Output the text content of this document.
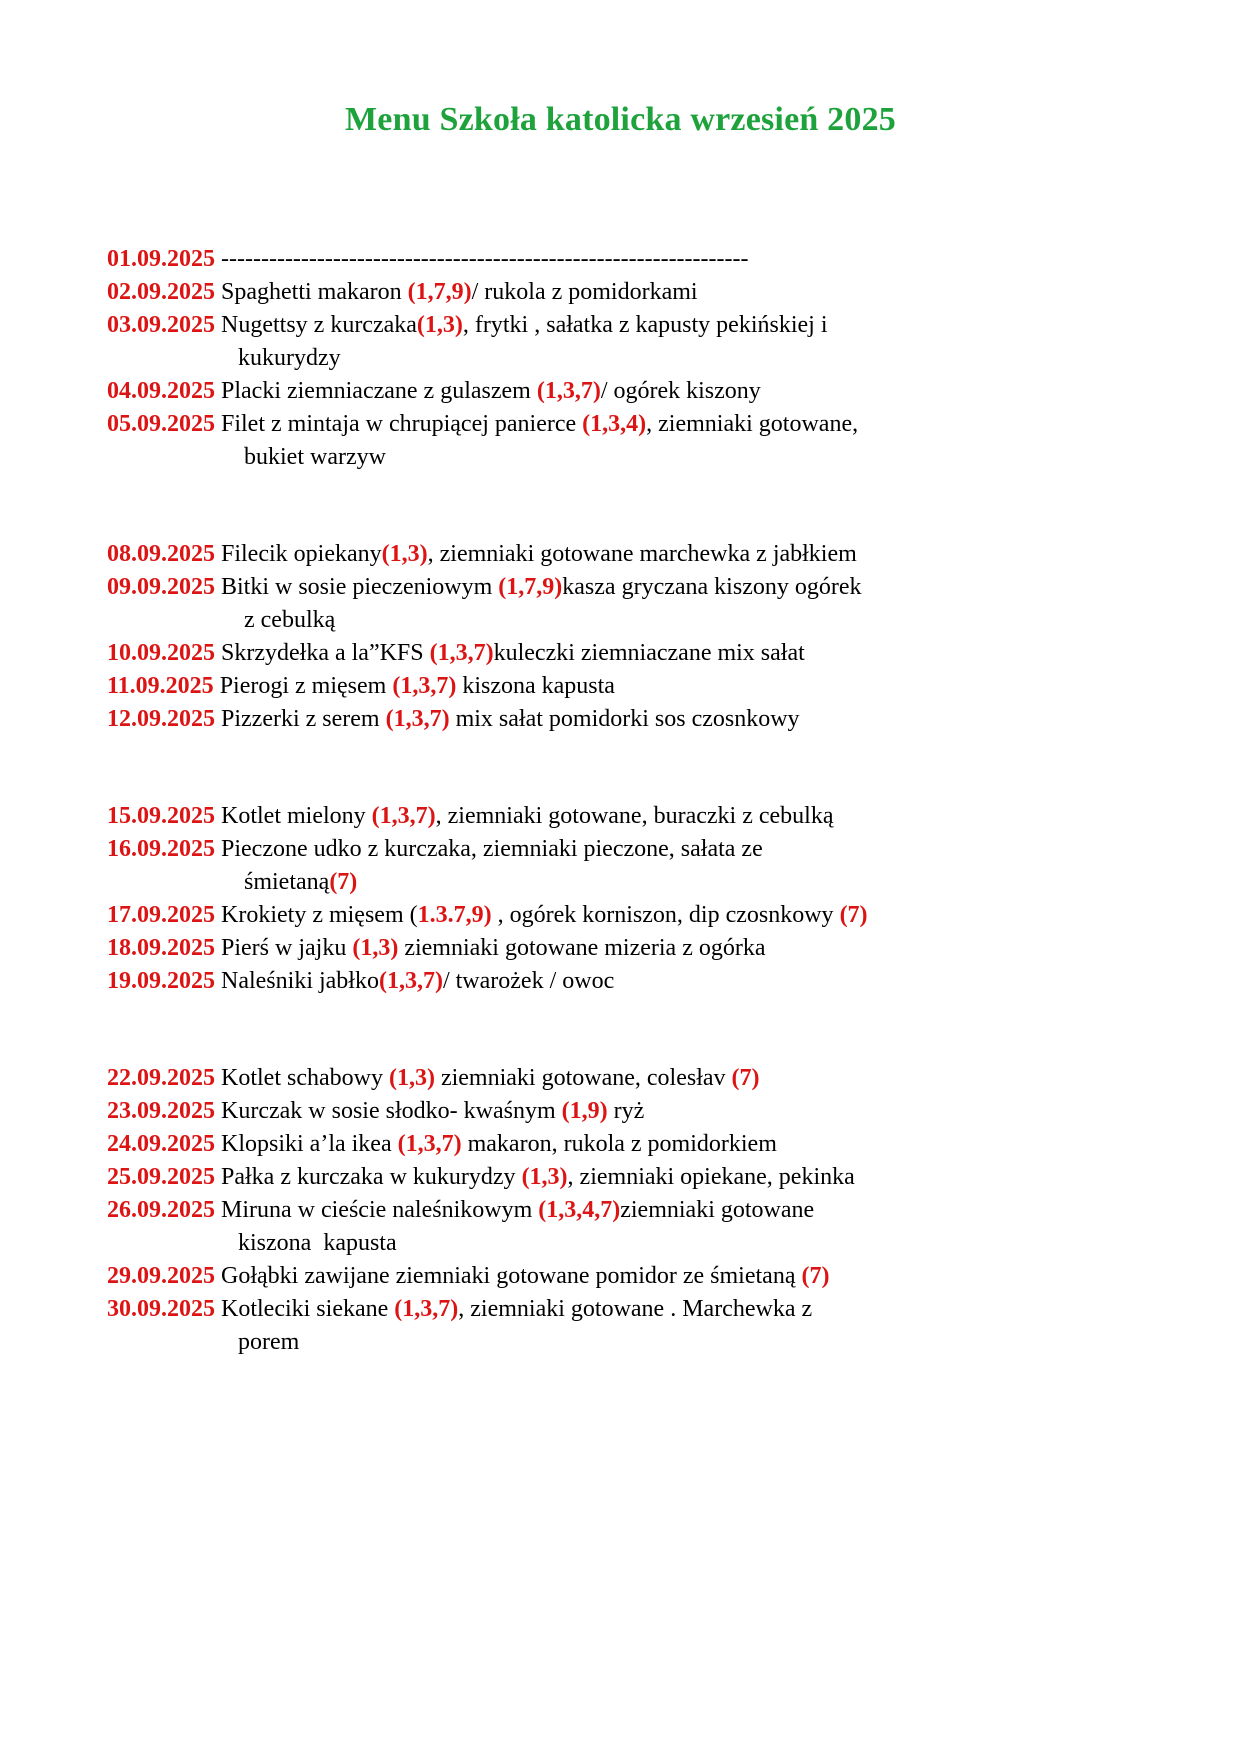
Menu Szkoła katolicka wrzesień 2025
01.09.2025 ------------------------------------------------------------------
02.09.2025 Spaghetti makaron (1,7,9)/ rukola z pomidorkami
03.09.2025 Nugettsy z kurczaka(1,3), frytki , sałatka z kapusty pekińskiej i
kukurydzy
04.09.2025 Placki ziemniaczane z gulaszem (1,3,7)/ ogórek kiszony
05.09.2025 Filet z mintaja w chrupiącej panierce (1,3,4), ziemniaki gotowane,
bukiet warzyw
08.09.2025 Filecik opiekany(1,3), ziemniaki gotowane marchewka z jabłkiem
09.09.2025 Bitki w sosie pieczeniowym (1,7,9)kasza gryczana kiszony ogórek
z cebulką
10.09.2025 Skrzydełka a la”KFS (1,3,7)kuleczki ziemniaczane mix sałat
11.09.2025 Pierogi z mięsem (1,3,7) kiszona kapusta
12.09.2025 Pizzerki z serem (1,3,7) mix sałat pomidorki sos czosnkowy
15.09.2025 Kotlet mielony (1,3,7), ziemniaki gotowane, buraczki z cebulką
16.09.2025 Pieczone udko z kurczaka, ziemniaki pieczone, sałata ze
śmietaną(7)
17.09.2025 Krokiety z mięsem (1.3.7,9) , ogórek korniszon, dip czosnkowy (7)
18.09.2025 Pierś w jajku (1,3) ziemniaki gotowane mizeria z ogórka
19.09.2025 Naleśniki jabłko(1,3,7)/ twarożek / owoc
22.09.2025 Kotlet schabowy (1,3) ziemniaki gotowane, colesłav (7)
23.09.2025 Kurczak w sosie słodko- kwaśnym (1,9) ryż
24.09.2025 Klopsiki a’la ikea (1,3,7) makaron, rukola z pomidorkiem
25.09.2025 Pałka z kurczaka w kukurydzy (1,3), ziemniaki opiekane, pekinka
26.09.2025 Miruna w cieście naleśnikowym (1,3,4,7)ziemniaki gotowane
kiszona  kapusta
29.09.2025 Gołąbki zawijane ziemniaki gotowane pomidor ze śmietaną (7)
30.09.2025 Kotleciki siekane (1,3,7), ziemniaki gotowane . Marchewka z
porem
